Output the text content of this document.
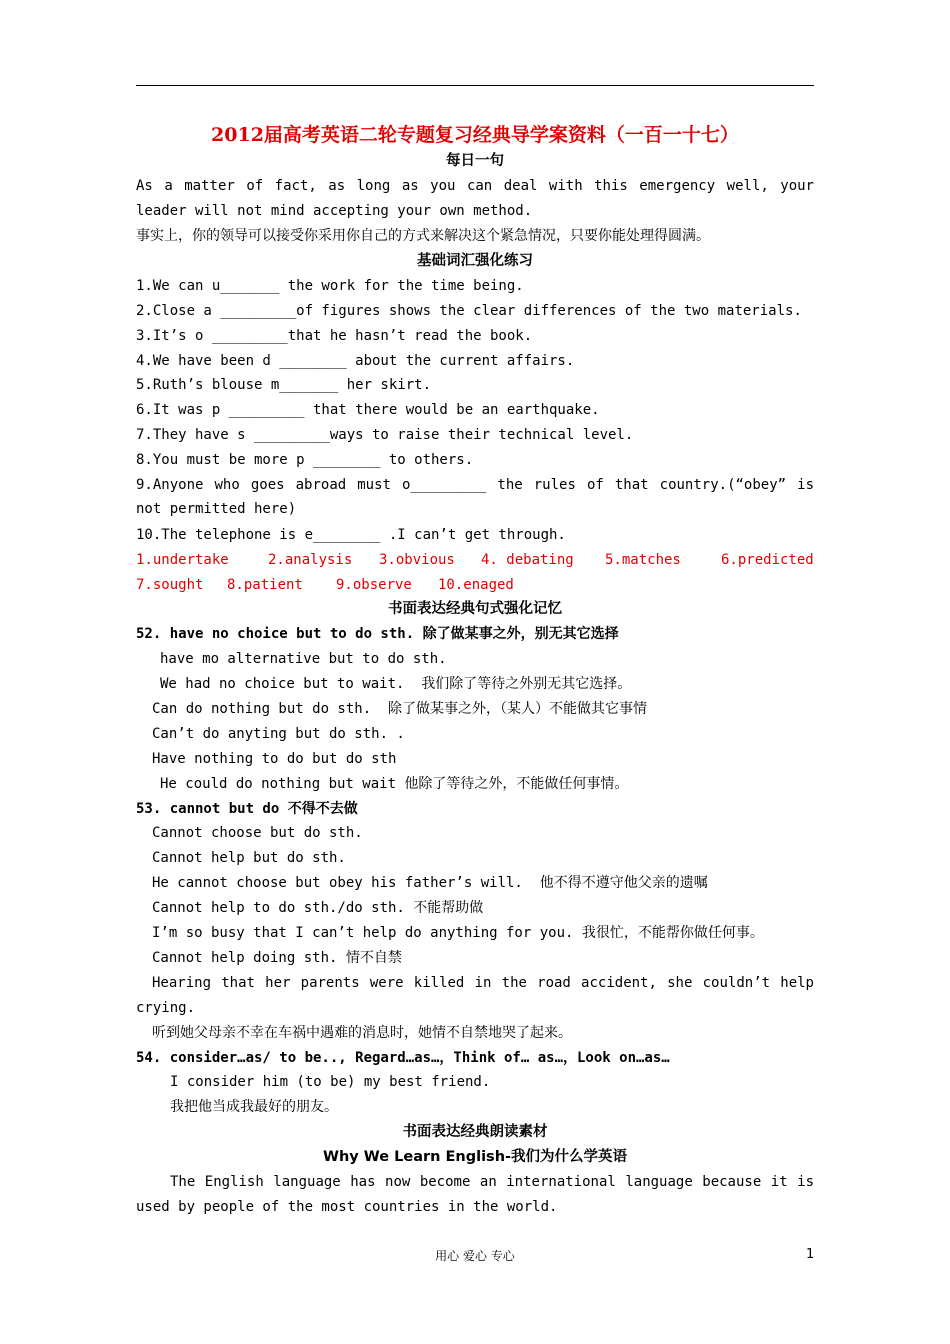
2012届高考英语二轮专题复习经典导学案资料（一百一十七）
每日一句
As a matter of fact, as long as you can deal with this emergency well, your
leader will not mind accepting your own method.
事实上，你的领导可以接受你采用你自己的方式来解决这个紧急情况，只要你能处理得圆满。
基础词汇强化练习
1.We can u_______ the work for the time being.
2.Close a _________of figures shows the clear differences of the two materials.
3.It’s o _________that he hasn’t read the book.
4.We have been d ________ about the current affairs.
5.Ruth’s blouse m_______ her skirt.
6.It was p _________ that there would be an earthquake.
7.They have s _________ways to raise their technical level.
8.You must be more p ________ to others.
9.Anyone who goes abroad must o_________ the rules of that country.(“obey” is
not permitted here)
10.The telephone is e________ .I can’t get through.

1.undertake

	2.analysis

3.obvious

4. debating

5.matches

	6.predicted

7.sought

8.patient

9.observe

10.enaged

书面表达经典句式强化记忆
52. have no choice but to do sth. 除了做某事之外，别无其它选择
have mo alternative but to do sth.
We had no choice but to wait.  我们除了等待之外别无其它选择。
Can do nothing but do sth.  除了做某事之外，（某人）不能做其它事情
Can’t do anyting but do sth. .
Have nothing to do but do sth
He could do nothing but wait 他除了等待之外，不能做任何事情。
53. cannot but do 不得不去做
Cannot choose but do sth.
Cannot help but do sth.
He cannot choose but obey his father’s will.  他不得不遵守他父亲的遗嘱
Cannot help to do sth./do sth. 不能帮助做
I’m so busy that I can’t help do anything for you. 我很忙，不能帮你做任何事。
Cannot help doing sth. 情不自禁
Hearing that her parents were killed in the road accident, she couldn’t help
crying.
听到她父母亲不幸在车祸中遇难的消息时，她情不自禁地哭了起来。
54. consider…as/ to be.., Regard…as…，Think of… as…，Look on…as…
I consider him (to be) my best friend.
我把他当成我最好的朋友。
书面表达经典朗读素材
Why We Learn English-我们为什么学英语
The English language has now become an international language because it is
used by people of the most countries in the world.
用心 爱心 专心	1
